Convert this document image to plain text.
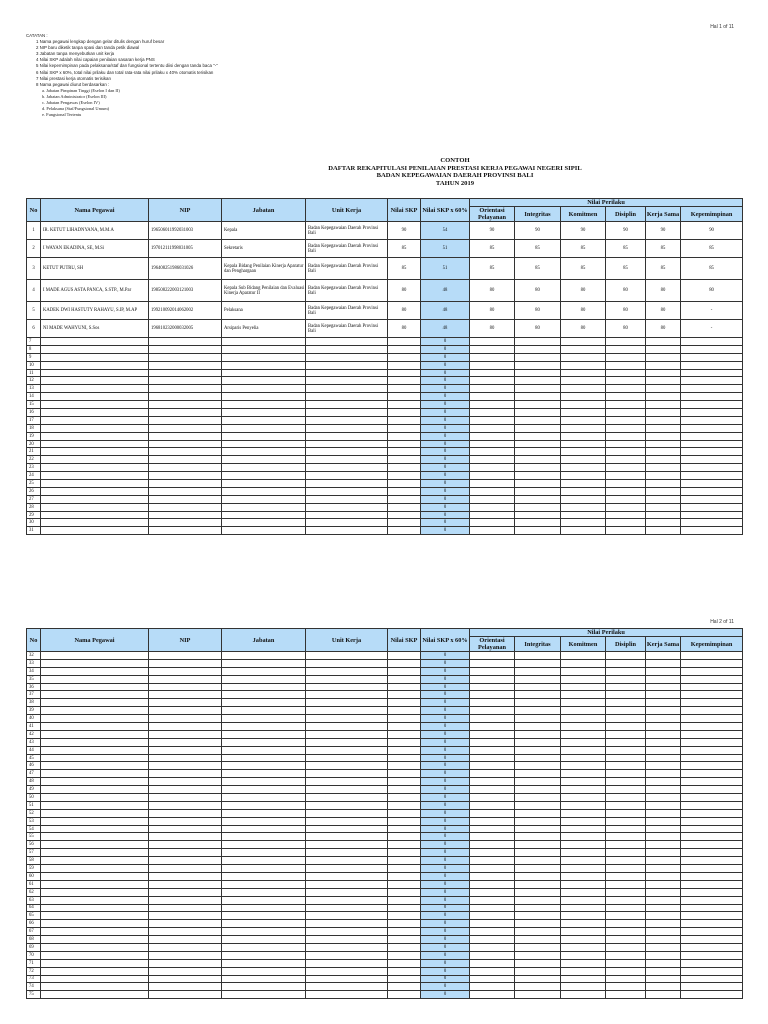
Hal 1 of 11
CATATAN :
1 Nama pegawai lengkap dengan gelar ditulis dengan huruf besar
2 NIP baru diketik tanpa spasi dan tanda petik diawal
3 Jabatan tanpa menyebutkan unit kerja
4 Nilai SKP adalah nilai capaian penilaian sasaran kerja PNS
5 Nilai kepemimpinan pada pelaksana/staf dan fungsional tertentu diisi dengan tanda baca "-"
6 Nilai SKP x 60%, total nilai prilaku dan total rata-rata nilai prilaku x 40% otomatis terisikan
7 Nilai prestasi kerja otomatis terisikan
8 Nama pegawai diurut berdasarkan :
a. Jabatan Pimpinan Tinggi (Eselon I dan II)
b. Jabatan Administrator (Eselon III)
c. Jabatan Pengawas (Eselon IV)
d. Pelaksana (Staf/Fungsional Umum)
e. Fungsional Tertentu
CONTOH
DAFTAR REKAPITULASI PENILAIAN PRESTASI KERJA PEGAWAI NEGERI SIPIL
BADAN KEPEGAWAIAN DAERAH PROVINSI BALI
TAHUN 2019
No	Nama Pegawai	NIP	Jabatan	Unit Kerja	Nilai SKP	Nilai SKP x 60%	Nilai Perilaku					
							Orientasi Pelayanan	Integritas	Komitmen	Disiplin	Kerja Sama	Kepemimpinan
1	IR. KETUT LIHADNYANA, M.M.A	196506011992031003	Kepala	Badan Kepegawaian Daerah Provinsi Bali	90	54	90	90	90	90	90	90
2	I WAYAN EKADINA, SE, M.Si	197012111998031005	Sekretaris	Badan Kepegawaian Daerah Provinsi Bali	85	51	85	85	85	85	85	85
3	KETUT PUTRU, SH	196408251986031026	Kepala Bidang Penilaian Kinerja Aparatur dan Penghargaan	Badan Kepegawaian Daerah Provinsi Bali	85	51	85	85	85	85	85	85
4	I MADE AGUS ASTA PANCA, S.STP., M.Par	198508222003121003	Kepala Sub Bidang Penilaian dan Evaluasi Kinerja Aparatur II	Badan Kepegawaian Daerah Provinsi Bali	80	48	80	80	80	80	80	80
5	KADEK DWI HASTUTY RAHAYU, S.IP, M.AP	199210092014062002	Pelaksana	Badan Kepegawaian Daerah Provinsi Bali	80	48	80	80	80	80	80	-
6	NI MADE WAHYUNI, S.Sos	196810232000032005	Arsiparis Penyelia	Badan Kepegawaian Daerah Provinsi Bali	80	48	80	80	80	80	80	-
7						0						
8						0						
9						0						
10						0						
11						0						
12						0						
13						0						
14						0						
15						0						
16						0						
17						0						
18						0						
19						0						
20						0						
21						0						
22						0						
23						0						
24						0						
25						0						
26						0						
27						0						
28						0						
29						0						
30						0						
31						0						
Hal 2 of 11
No	Nama Pegawai	NIP	Jabatan	Unit Kerja	Nilai SKP	Nilai SKP x 60%	Nilai Perilaku					
							Orientasi Pelayanan	Integritas	Komitmen	Disiplin	Kerja Sama	Kepemimpinan
32						0						
33						0						
34						0						
35						0						
36						0						
37						0						
38						0						
39						0						
40						0						
41						0						
42						0						
43						0						
44						0						
45						0						
46						0						
47						0						
48						0						
49						0						
50						0						
51						0						
52						0						
53						0						
54						0						
55						0						
56						0						
57						0						
58						0						
59						0						
60						0						
61						0						
62						0						
63						0						
64						0						
65						0						
66						0						
67						0						
68						0						
69						0						
70						0						
71						0						
72						0						
73						0						
74						0						
75						0						
